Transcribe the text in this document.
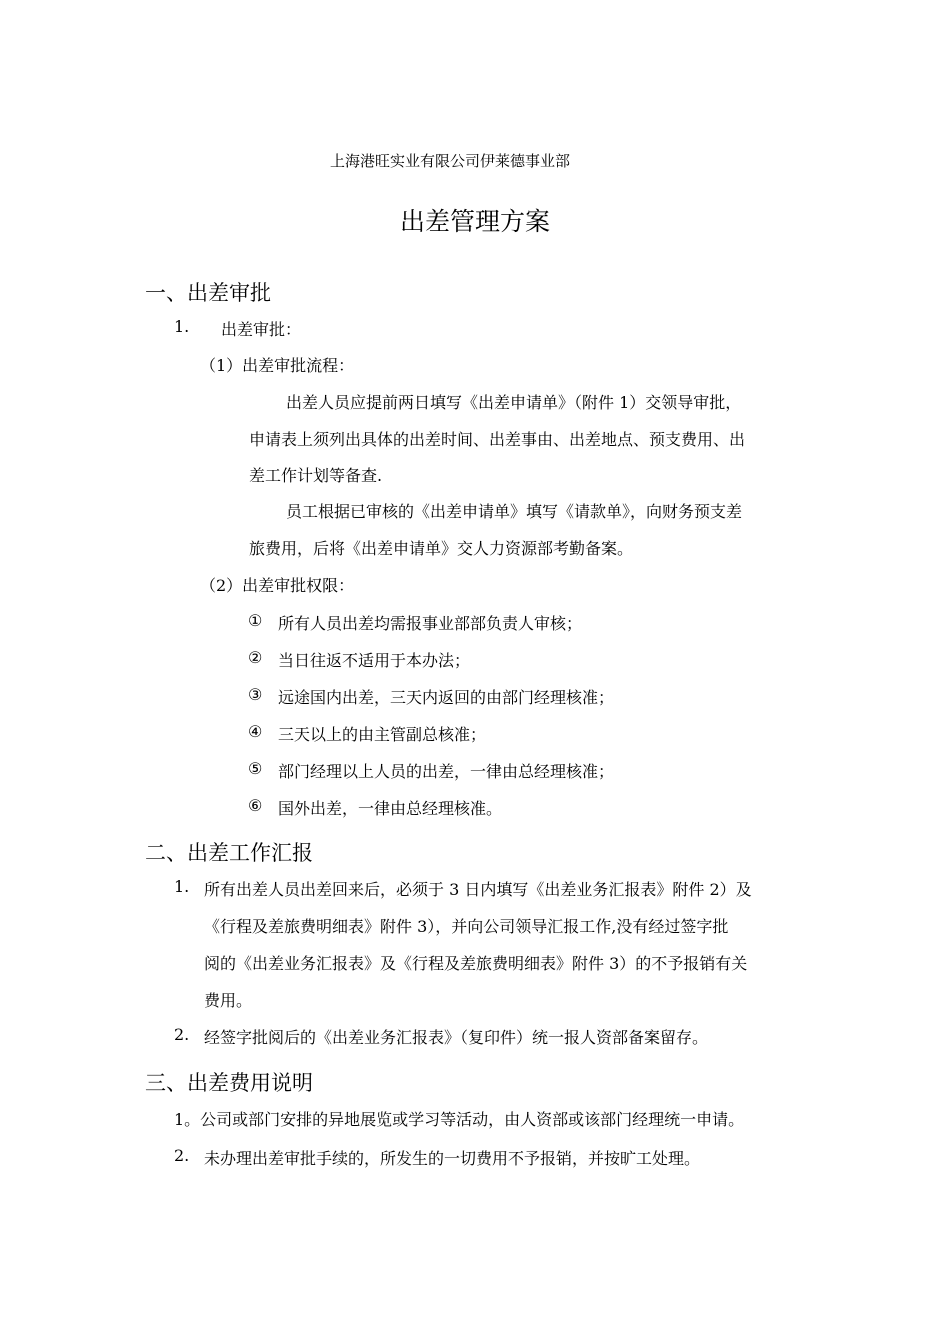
上海港旺实业有限公司伊莱德事业部
出差管理方案
一、出差审批
1. 出差审批：
（1）出差审批流程：
出差人员应提前两日填写《出差申请单》（附件 1）交领导审批，
申请表上须列出具体的出差时间、出差事由、出差地点、预支费用、出
差工作计划等备查.
员工根据已审核的《出差申请单》填写《请款单》，向财务预支差
旅费用，后将《出差申请单》交人力资源部考勤备案。
（2）出差审批权限：
① 所有人员出差均需报事业部部负责人审核；
② 当日往返不适用于本办法；
③ 远途国内出差，三天内返回的由部门经理核准；
④ 三天以上的由主管副总核准；
⑤ 部门经理以上人员的出差，一律由总经理核准；
⑥ 国外出差，一律由总经理核准。
二、出差工作汇报
1. 所有出差人员出差回来后，必须于 3 日内填写《出差业务汇报表》附件 2）及
《行程及差旅费明细表》附件 3），并向公司领导汇报工作,没有经过签字批
阅的《出差业务汇报表》及《行程及差旅费明细表》附件 3）的不予报销有关
费用。
2. 经签字批阅后的《出差业务汇报表》（复印件）统一报人资部备案留存。
三、出差费用说明
1。公司或部门安排的异地展览或学习等活动，由人资部或该部门经理统一申请。
2. 未办理出差审批手续的，所发生的一切费用不予报销，并按旷工处理。
